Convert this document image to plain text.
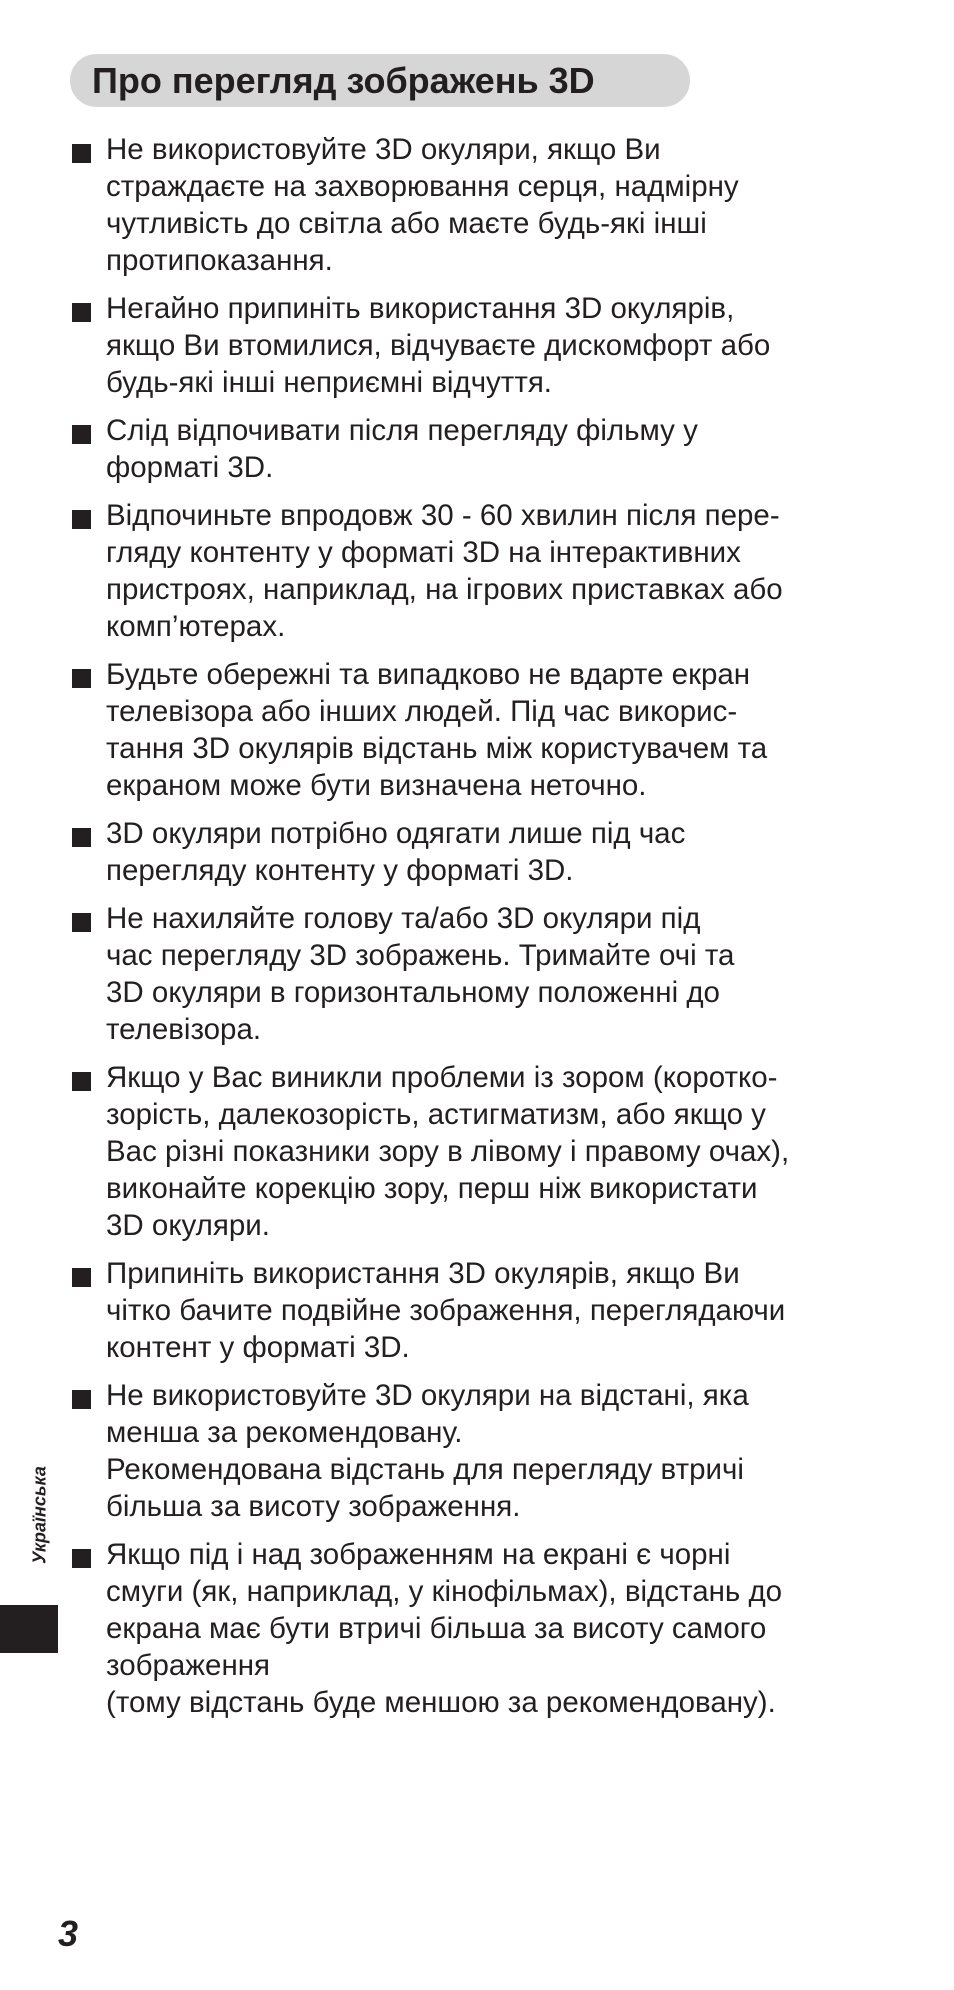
Про перегляд зображень 3D
Не використовуйте 3D окуляри, якщо Ви
страждаєте на захворювання серця, надмірну
чутливість до світла або маєте будь-які інші
протипоказання.
Негайно припиніть використання 3D окулярів,
якщо Ви втомилися, відчуваєте дискомфорт або
будь-які інші неприємні відчуття.
Слід відпочивати після перегляду фільму у
форматі 3D.
Відпочиньте впродовж 30 - 60 хвилин після пере-
гляду контенту у форматі 3D на інтерактивних
пристроях, наприклад, на ігрових приставках або
комп’ютерах.
Будьте обережні та випадково не вдарте екран
телевізора або інших людей. Під час викорис-
тання 3D окулярів відстань між користувачем та
екраном може бути визначена неточно.
3D окуляри потрібно одягати лише під час
перегляду контенту у форматі 3D.
Не нахиляйте голову та/або 3D окуляри під
час перегляду 3D зображень. Тримайте очі та
3D окуляри в горизонтальному положенні до
телевізора.
Якщо у Вас виникли проблеми із зором (коротко-
зорість, далекозорість, астигматизм, або якщо у
Вас різні показники зору в лівому і правому очах),
виконайте корекцію зору, перш ніж використати
3D окуляри.
Припиніть використання 3D окулярів, якщо Ви
чітко бачите подвійне зображення, переглядаючи
контент у форматі 3D.
Не використовуйте 3D окуляри на відстані, яка
менша за рекомендовану.
Рекомендована відстань для перегляду втричі
більша за висоту зображення.
Якщо під і над зображенням на екрані є чорні
смуги (як, наприклад, у кінофільмах), відстань до
екрана має бути втричі більша за висоту самого
зображення
(тому відстань буде меншою за рекомендовану).
Українська
3
